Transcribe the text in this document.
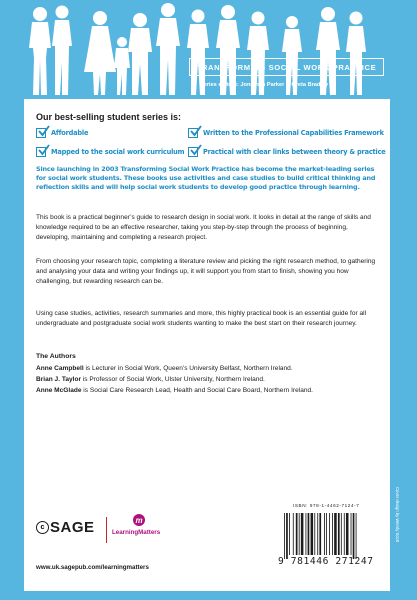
TRANSFORMING SOCIAL WORK PRACTICE
Series editors: Jonathan Parker & Greta Bradley
Our best-selling student series is:
Affordable	Written to the Professional Capabilities Framework
Mapped to the social work curriculum	Practical with clear links between theory & practice

Since launching in 2003 Transforming Social Work Practice has become the market-leading series for social work students. These books use activities and case studies to build critical thinking and reflection skills and will help social work students to develop good practice through learning.

This book is a practical beginner’s guide to research design in social work. It looks in detail at the range of skills and knowledge required to be an effective researcher, taking you step-by-step through the process of beginning, developing, maintaining and completing a research project.

From choosing your research topic, completing a literature review and picking the right research method, to gathering and analysing your data and writing your findings up, it will support you from start to finish, showing you how challenging, but rewarding research can be.

Using case studies, activities, research summaries and more, this highly practical book is an essential guide for all undergraduate and postgraduate social work students wanting to make the best start on their research journey.

The Authors
Anne Campbell is Lecturer in Social Work, Queen’s University Belfast, Northern Ireland.
Brian J. Taylor is Professor of Social Work, Ulster University, Northern Ireland.
Anne McGlade is Social Care Research Lead, Health and Social Care Board, Northern Ireland.
c SAGE	m
LearningMatters
www.uk.sagepub.com/learningmatters
ISBN: 978-1-4462-7124-7
9 781446 271247
Cover design by Wendy Scott
